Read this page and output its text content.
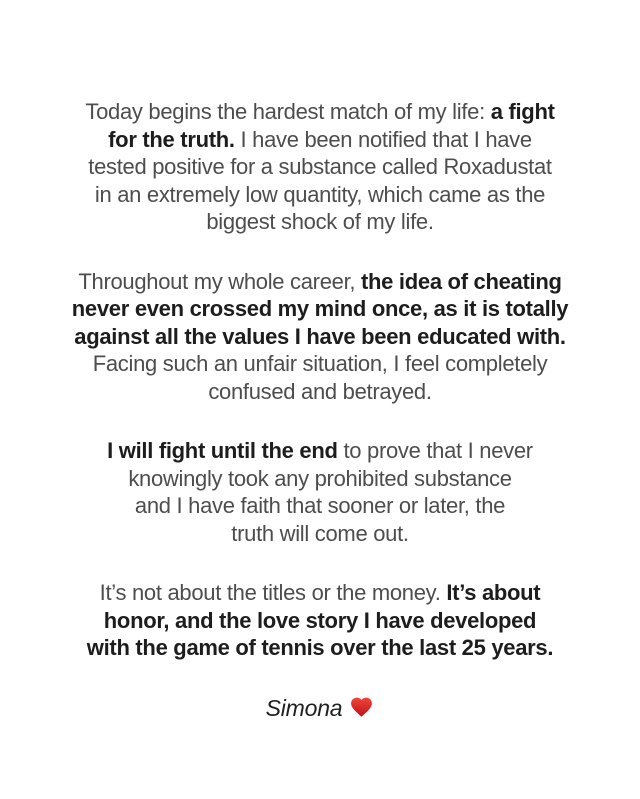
Today begins the hardest match of my life: a fight
for the truth. I have been notified that I have
tested positive for a substance called Roxadustat
in an extremely low quantity, which came as the
biggest shock of my life.

Throughout my whole career, the idea of cheating
never even crossed my mind once, as it is totally
against all the values I have been educated with.
Facing such an unfair situation, I feel completely
confused and betrayed.

I will fight until the end to prove that I never
knowingly took any prohibited substance
and I have faith that sooner or later, the
truth will come out.

It’s not about the titles or the money. It’s about
honor, and the love story I have developed
with the game of tennis over the last 25 years.

Simona
